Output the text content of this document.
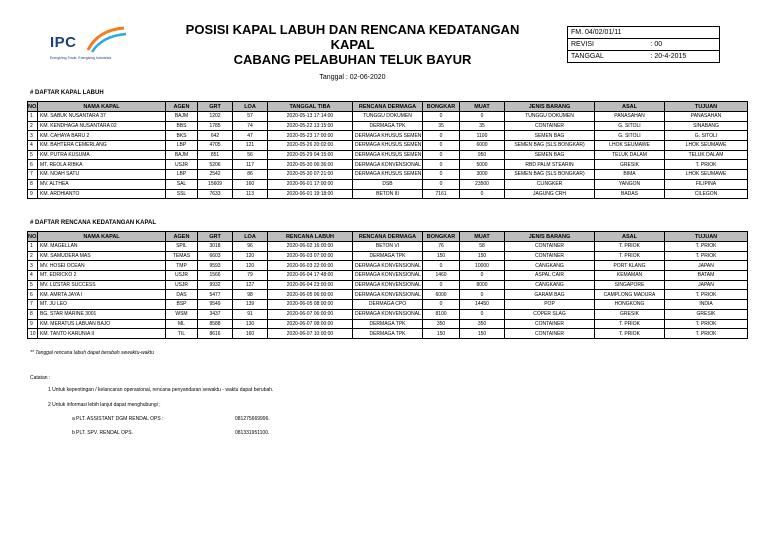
IPC
Energizing Trade, Energizing Indonesia
POSISI KAPAL LABUH DAN RENCANA KEDATANGAN KAPAL
CABANG PELABUHAN TELUK BAYUR
Tanggal : 02-06-2020
FM. 04/02/01/11	
REVISI	: 00
TANGGAL	: 20-4-2015
# DAFTAR KAPAL LABUH
NO.	NAMA KAPAL	AGEN	GRT	LOA	TANGGAL TIBA	RENCANA DERMAGA	BONGKAR	MUAT	JENIS BARANG	ASAL	TUJUAN
1	KM. SABUK NUSANTARA 37	BAJM	1202	57	2020-05-13 17:14:00	TUNGGU DOKUMEN	0	0	TUNGGU DOKUMEN	PANASAHAN	PANASAHAN
2	KM. KENDHAGA NUSANTARA 02	BBS	1785	74	2020-05-22 13:15:00	DERMAGA TPK	35	35	CONTAINER	G. SITOLI	SINABANG
3	KM. CAHAYA BARU 2	BKS	642	47	2020-05-23 17:00:00	DERMAGA KHUSUS SEMEN	0	1100	SEMEN BAG	G. SITOLI	G. SITOLI
4	KM. BAHTERA CEMERLANG	LBP	4705	121	2020-05-26 20:02:00	DERMAGA KHUSUS SEMEN	0	6000	SEMEN BAG (SLS BONGKAR)	LHOK SEUMAWE	LHOK SEUMAWE
5	KM. PUTRA KUSUMA	BAJM	851	56	2020-05-29 04:15:00	DERMAGA KHUSUS SEMEN	0	950	SEMEN BAG	TELUK DALAM	TELUK DALAM
6	MT. REOLA RIBKA	USJR	5206	117	2020-05-30 06:36:00	DERMAGA KONVENSIONAL	0	5000	RBD PALM STEARIN	GRESIK	T. PRIOK
7	KM. NOAH SATU	LBP	2542	86	2020-05-30 07:21:00	DERMAGA KHUSUS SEMEN	0	3000	SEMEN BAG (SLS BONGKAR)	BIMA	LHOK SEUMAWE
8	MV. ALTHEA	SAL	15609	160	2020-06-01 17:00:00	DSB	0	23500	CLINGKER	YANGON	FILIPINA
9	KM. ARDHIANTO	SSL	7633	113	2020-06-01 19:18:00	BETON III	7161	0	JAGUNG CRH	BADAS	CILEGON
# DAFTAR RENCANA KEDATANGAN KAPAL
NO.	NAMA KAPAL	AGEN	GRT	LOA	RENCANA LABUH	RENCANA DERMAGA	BONGKAR	MUAT	JENIS BARANG	ASAL	TUJUAN
1	KM. MAGELLAN	SPIL	3018	96	2020-06-02 16:00:00	BETON VI	76	58	CONTAINER	T. PRIOK	T. PRIOK
2	KM. SAMUDERA MAS	TEMAS	6603	120	2020-06-03 07:00:00	DERMAGA TPK	150	150	CONTAINER	T. PRIOK	T. PRIOK
3	MV. HOSEI OCEAN	TMP	9593	120	2020-06-03 22:00:00	DERMAGA KONVENSIONAL	0	10000	CANGKANG	PORT KLANG	JAPAN
4	MT. EDRICKO 2	USJR	1566	79	2020-06-04 17:48:00	DERMAGA KONVENSIONAL	1460	0	ASPAL CAIR	KEMAMAN	BATAM
5	MV. LIZSTAR SUCCESS	USJR	9932	127	2020-06-04 23:00:00	DERMAGA KONVENSIONAL	0	8000	CANGKANG	SINGAPORE	JAPAN
6	KM. AMRTA JAYA I	DAS	5477	98	2020-06-05 06:00:00	DERMAGA KONVENSIONAL	6000	0	GARAM BAG	CAMPLONG MADURA	T. PRIOK
7	MT. JU LEO	BSP	9549	139	2020-06-05 08:00:00	DERMAGA CPO	0	14450	POP	HONGKONG	INDIA
8	BG. STAR MARINE 3001	WSM	3437	91	2020-06-07 06:00:00	DERMAGA KONVENSIONAL	8100	0	COPER SLAG	GRESIK	GRESIK
9	KM. MERATUS LABUAN BAJO	ML	8588	130	2020-06-07 08:00:00	DERMAGA TPK	350	350	CONTAINER	T. PRIOK	T. PRIOK
10	KM. TANTO KARUNIA II	TIL	8616	160	2020-06-07 10:00:00	DERMAGA TPK	150	150	CONTAINER	T. PRIOK	T. PRIOK
** Tanggal rencana labuh dapat berubah sewaktu-waktu
Catatan :
1 Untuk kepentingan / kelancaran operasional, rencana penyandaran sewaktu - waktu dapat berubah.
2 Untuk informasi lebih lanjut dapat menghubungi ;
a PLT. ASSISTANT DGM RENDAL OPS :	081275669996.
b PLT. SPV. RENDAL OPS.	081331951100.
